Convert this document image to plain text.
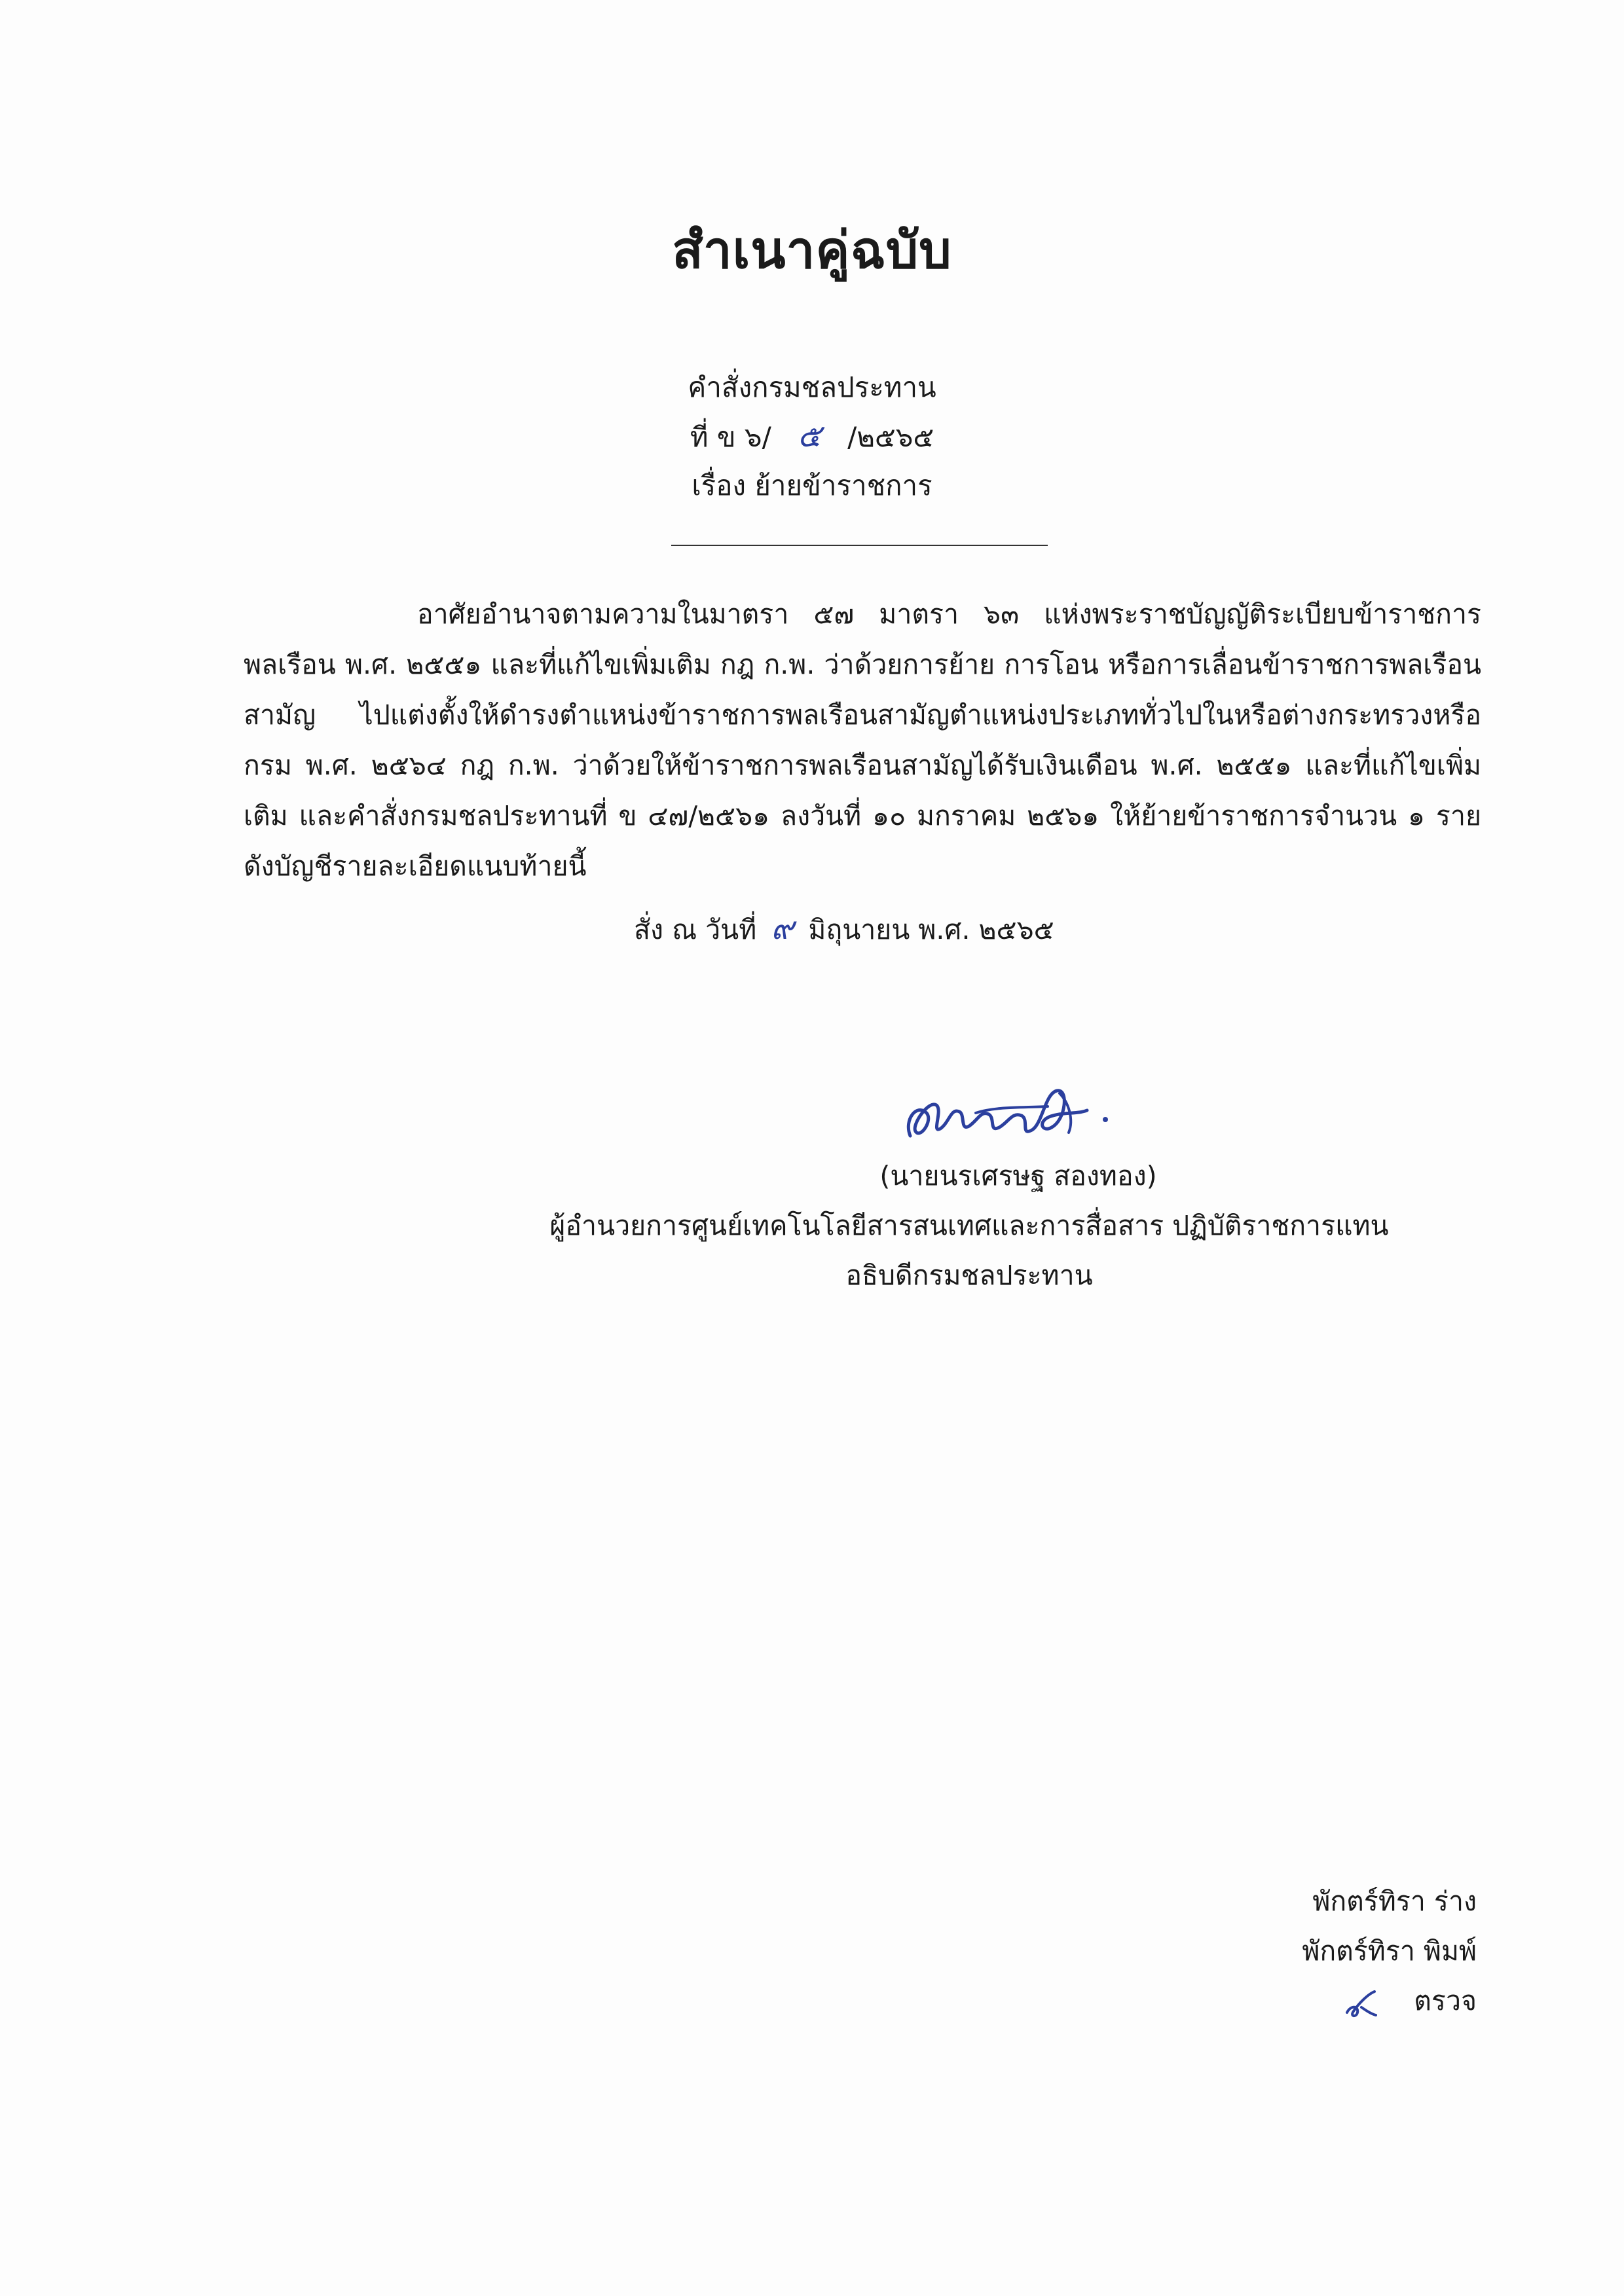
สำเนาคู่ฉบับ
คำสั่งกรมชลประทาน
ที่ ข ๖/ ๕ /๒๕๖๕
เรื่อง ย้ายข้าราชการ
อาศัยอำนาจตามความในมาตรา ๕๗ มาตรา ๖๓ แห่งพระราชบัญญัติระเบียบข้าราชการพลเรือน พ.ศ. ๒๕๕๑ และที่แก้ไขเพิ่มเติม กฎ ก.พ. ว่าด้วยการย้าย การโอน หรือการเลื่อนข้าราชการพลเรือนสามัญ ไปแต่งตั้งให้ดำรงตำแหน่งข้าราชการพลเรือนสามัญตำแหน่งประเภททั่วไปในหรือต่างกระทรวงหรือกรม พ.ศ. ๒๕๖๔ กฎ ก.พ. ว่าด้วยให้ข้าราชการพลเรือนสามัญได้รับเงินเดือน พ.ศ. ๒๕๕๑ และที่แก้ไขเพิ่มเติม และคำสั่งกรมชลประทานที่ ข ๔๗/๒๕๖๑ ลงวันที่ ๑๐ มกราคม ๒๕๖๑ ให้ย้ายข้าราชการจำนวน ๑ ราย ดังบัญชีรายละเอียดแนบท้ายนี้
สั่ง ณ วันที่ ๙ มิถุนายน พ.ศ. ๒๕๖๕
(นายนรเศรษฐ สองทอง)
ผู้อำนวยการศูนย์เทคโนโลยีสารสนเทศและการสื่อสาร ปฏิบัติราชการแทน
อธิบดีกรมชลประทาน
พักตร์ทิรา ร่าง
พักตร์ทิรา พิมพ์
ตรวจ
